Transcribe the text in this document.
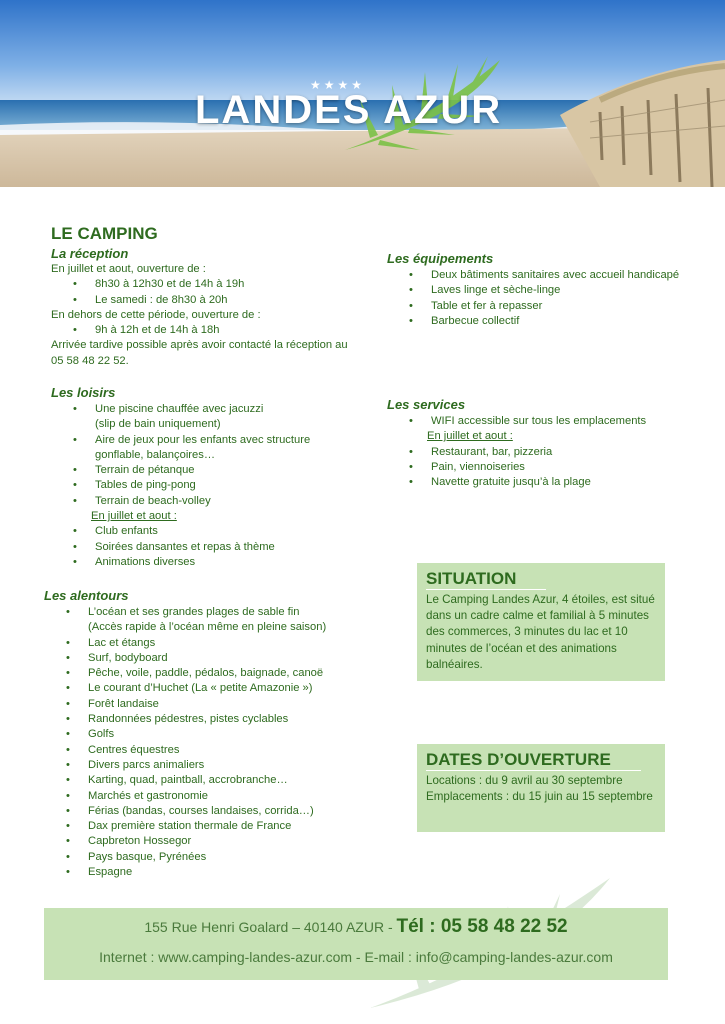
★★★★
LANDES AZUR
LE CAMPING
La réception

En juillet et aout, ouverture de :

• 8h30 à 12h30 et de 14h à 19h
• Le samedi : de 8h30 à 20h

En dehors de cette période, ouverture de :

• 9h à 12h et de 14h à 18h

Arrivée tardive possible après avoir contacté la réception au

05 58 48 22 52.

Les loisirs
• Une piscine chauffée avec jacuzzi
(slip de bain uniquement)
• Aire de jeux pour les enfants avec structure
gonflable, balançoires…
• Terrain de pétanque
• Tables de ping-pong
• Terrain de beach-volley
En juillet et aout :
• Club enfants
• Soirées dansantes et repas à thème
• Animations diverses
Les alentours
• L’océan et ses grandes plages de sable fin
(Accès rapide à l’océan même en pleine saison)
• Lac et étangs
• Surf, bodyboard
• Pêche, voile, paddle, pédalos, baignade, canoë
• Le courant d’Huchet (La « petite Amazonie »)
• Forêt landaise
• Randonnées pédestres, pistes cyclables
• Golfs
• Centres équestres
• Divers parcs animaliers
• Karting, quad, paintball, accrobranche…
• Marchés et gastronomie
• Férias (bandas, courses landaises, corrida…)
• Dax première station thermale de France
• Capbreton Hossegor
• Pays basque, Pyrénées
• Espagne
Les équipements
• Deux bâtiments sanitaires avec accueil handicapé
• Laves linge et sèche-linge
• Table et fer à repasser
• Barbecue collectif
Les services
• WIFI accessible sur tous les emplacements
En juillet et aout :
• Restaurant, bar, pizzeria
• Pain, viennoiseries
• Navette gratuite jusqu’à la plage
SITUATION
Le Camping Landes Azur, 4 étoiles, est situé dans un cadre calme et familial à 5 minutes des commerces, 3 minutes du lac et 10 minutes de l’océan et des animations balnéaires.
DATES D’OUVERTURE
Locations : du 9 avril au 30 septembre
Emplacements : du 15 juin au 15 septembre
155 Rue Henri Goalard – 40140 AZUR - Tél : 05 58 48 22 52
Internet : www.camping-landes-azur.com - E-mail : info@camping-landes-azur.com
